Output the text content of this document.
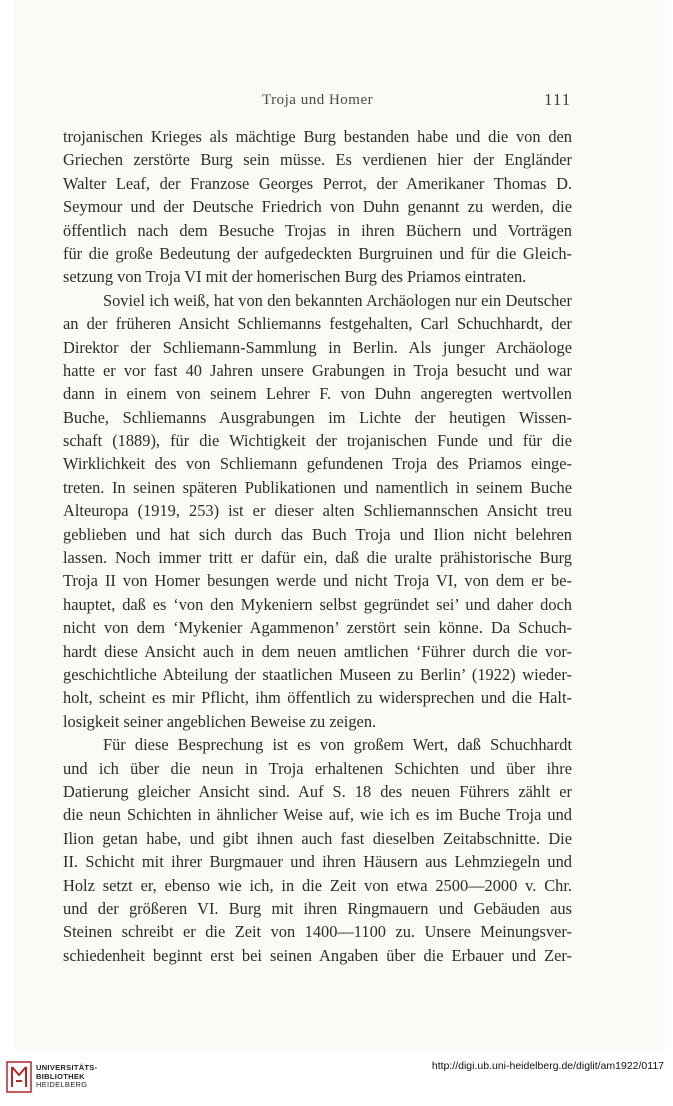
Troja und Homer	111
trojanischen Krieges als mächtige Burg bestanden habe und die von den
Griechen zerstörte Burg sein müsse. Es verdienen hier der Engländer
Walter Leaf, der Franzose Georges Perrot, der Amerikaner Thomas D.
Seymour und der Deutsche Friedrich von Duhn genannt zu werden, die
öffentlich nach dem Besuche Trojas in ihren Büchern und Vorträgen
für die große Bedeutung der aufgedeckten Burgruinen und für die Gleich-
setzung von Troja VI mit der homerischen Burg des Priamos eintraten.
Soviel ich weiß, hat von den bekannten Archäologen nur ein Deutscher
an der früheren Ansicht Schliemanns festgehalten, Carl Schuchhardt, der
Direktor der Schliemann-Sammlung in Berlin. Als junger Archäologe
hatte er vor fast 40 Jahren unsere Grabungen in Troja besucht und war
dann in einem von seinem Lehrer F. von Duhn angeregten wertvollen
Buche, Schliemanns Ausgrabungen im Lichte der heutigen Wissen-
schaft (1889), für die Wichtigkeit der trojanischen Funde und für die
Wirklichkeit des von Schliemann gefundenen Troja des Priamos einge-
treten. In seinen späteren Publikationen und namentlich in seinem Buche
Alteuropa (1919, 253) ist er dieser alten Schliemannschen Ansicht treu
geblieben und hat sich durch das Buch Troja und Ilion nicht belehren
lassen. Noch immer tritt er dafür ein, daß die uralte prähistorische Burg
Troja II von Homer besungen werde und nicht Troja VI, von dem er be-
hauptet, daß es ‘von den Mykeniern selbst gegründet sei’ und daher doch
nicht von dem ‘Mykenier Agammenon’ zerstört sein könne. Da Schuch-
hardt diese Ansicht auch in dem neuen amtlichen ‘Führer durch die vor-
geschichtliche Abteilung der staatlichen Museen zu Berlin’ (1922) wieder-
holt, scheint es mir Pflicht, ihm öffentlich zu widersprechen und die Halt-
losigkeit seiner angeblichen Beweise zu zeigen.
Für diese Besprechung ist es von großem Wert, daß Schuchhardt
und ich über die neun in Troja erhaltenen Schichten und über ihre
Datierung gleicher Ansicht sind. Auf S. 18 des neuen Führers zählt er
die neun Schichten in ähnlicher Weise auf, wie ich es im Buche Troja und
Ilion getan habe, und gibt ihnen auch fast dieselben Zeitabschnitte. Die
II. Schicht mit ihrer Burgmauer und ihren Häusern aus Lehmziegeln und
Holz setzt er, ebenso wie ich, in die Zeit von etwa 2500—2000 v. Chr.
und der größeren VI. Burg mit ihren Ringmauern und Gebäuden aus
Steinen schreibt er die Zeit von 1400—1100 zu. Unsere Meinungsver-
schiedenheit beginnt erst bei seinen Angaben über die Erbauer und Zer-
UNIVERSITÄTS-
BIBLIOTHEK
HEIDELBERG
http://digi.ub.uni-heidelberg.de/diglit/am1922/0117
